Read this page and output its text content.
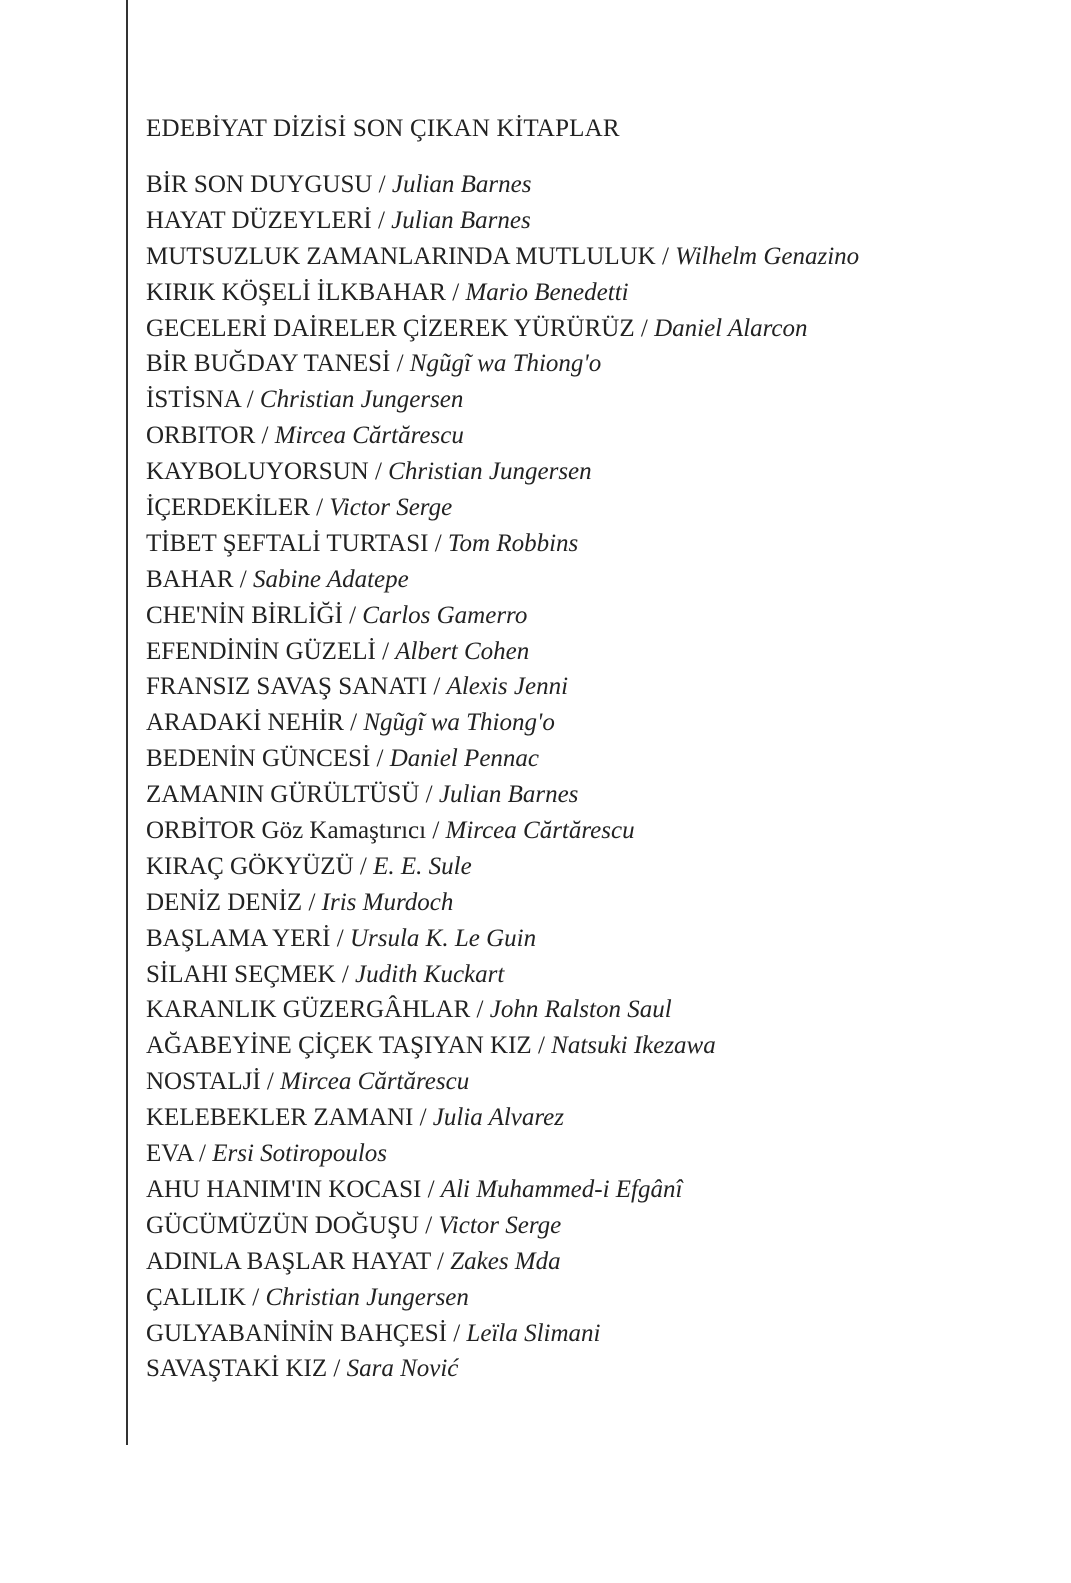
EDEBİYAT DİZİSİ SON ÇIKAN KİTAPLAR
BİR SON DUYGUSU / Julian Barnes
HAYAT DÜZEYLERİ / Julian Barnes
MUTSUZLUK ZAMANLARINDA MUTLULUK / Wilhelm Genazino
KIRIK KÖŞELİ İLKBAHAR / Mario Benedetti
GECELERİ DAİRELER ÇİZEREK YÜRÜRÜZ / Daniel Alarcon
BİR BUĞDAY TANESİ / Ngũgĩ wa Thiong'o
İSTİSNA / Christian Jungersen
ORBITOR / Mircea Cărtărescu
KAYBOLUYORSUN / Christian Jungersen
İÇERDEKİLER / Victor Serge
TİBET ŞEFTALİ TURTASI / Tom Robbins
BAHAR / Sabine Adatepe
CHE'NİN BİRLİĞİ / Carlos Gamerro
EFENDİNİN GÜZELİ / Albert Cohen
FRANSIZ SAVAŞ SANATI / Alexis Jenni
ARADAKİ NEHİR / Ngũgĩ wa Thiong'o
BEDENİN GÜNCESİ / Daniel Pennac
ZAMANIN GÜRÜLTÜSÜ / Julian Barnes
ORBİTOR Göz Kamaştırıcı / Mircea Cărtărescu
KIRAÇ GÖKYÜZÜ / E. E. Sule
DENİZ DENİZ / Iris Murdoch
BAŞLAMA YERİ / Ursula K. Le Guin
SİLAHI SEÇMEK / Judith Kuckart
KARANLIK GÜZERGÂHLAR / John Ralston Saul
AĞABEYİNE ÇİÇEK TAŞIYAN KIZ / Natsuki Ikezawa
NOSTALJİ / Mircea Cărtărescu
KELEBEKLER ZAMANI / Julia Alvarez
EVA / Ersi Sotiropoulos
AHU HANIM'IN KOCASI / Ali Muhammed-i Efgânî
GÜCÜMÜZÜN DOĞUŞU / Victor Serge
ADINLA BAŞLAR HAYAT / Zakes Mda
ÇALILIK / Christian Jungersen
GULYABANİNİN BAHÇESİ / Leïla Slimani
SAVAŞTAKİ KIZ / Sara Nović
